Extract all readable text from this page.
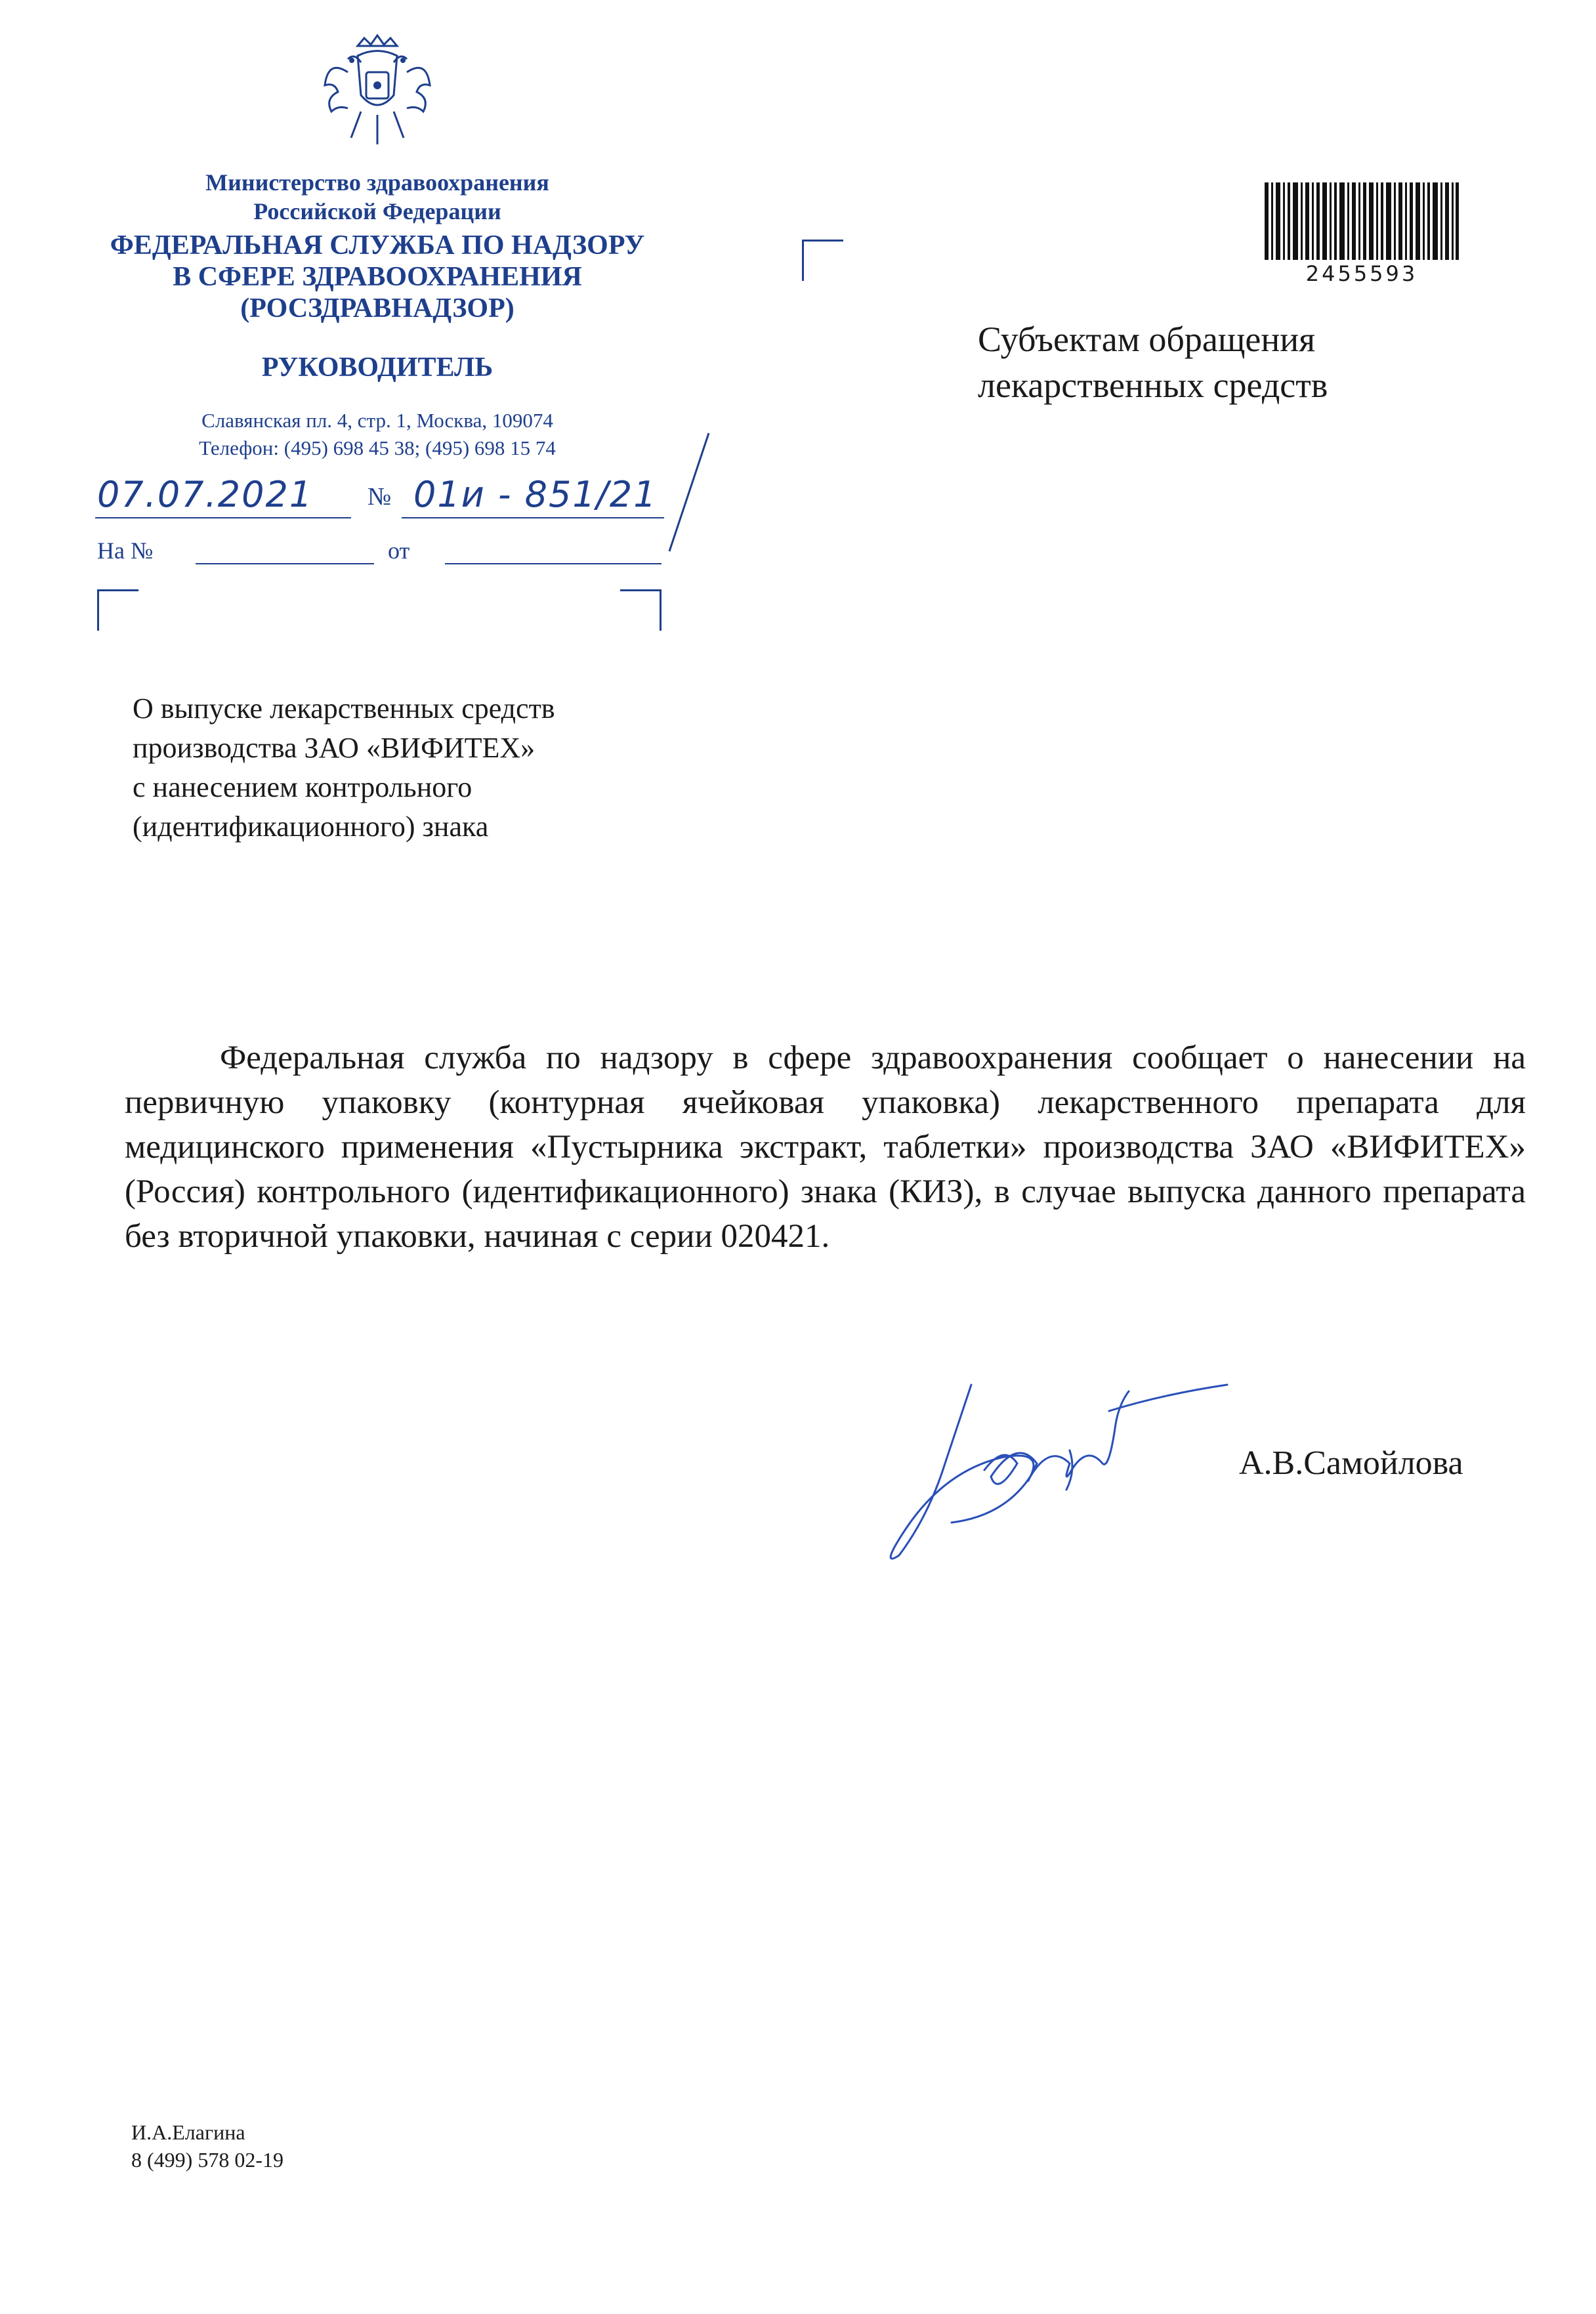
Министерство здравоохранения
Российской Федерации
ФЕДЕРАЛЬНАЯ СЛУЖБА ПО НАДЗОРУ
В СФЕРЕ ЗДРАВООХРАНЕНИЯ
(РОСЗДРАВНАДЗОР)
РУКОВОДИТЕЛЬ
Славянская пл. 4, стр. 1, Москва, 109074
Телефон: (495) 698 45 38; (495) 698 15 74
07.07.2021 № 01и - 851/21
На №	от
2455593
Субъектам обращения
лекарственных средств
О выпуске лекарственных средств
производства ЗАО «ВИФИТЕХ»
с нанесением контрольного
(идентификационного) знака
Федеральная служба по надзору в сфере здравоохранения сообщает о нанесении на первичную упаковку (контурная ячейковая упаковка) лекарственного препарата для медицинского применения «Пустырника экстракт, таблетки» производства ЗАО «ВИФИТЕХ» (Россия) контрольного (идентификационного) знака (КИЗ), в случае выпуска данного препарата без вторичной упаковки, начиная с серии 020421.
А.В.Самойлова
И.А.Елагина
8 (499) 578 02-19
